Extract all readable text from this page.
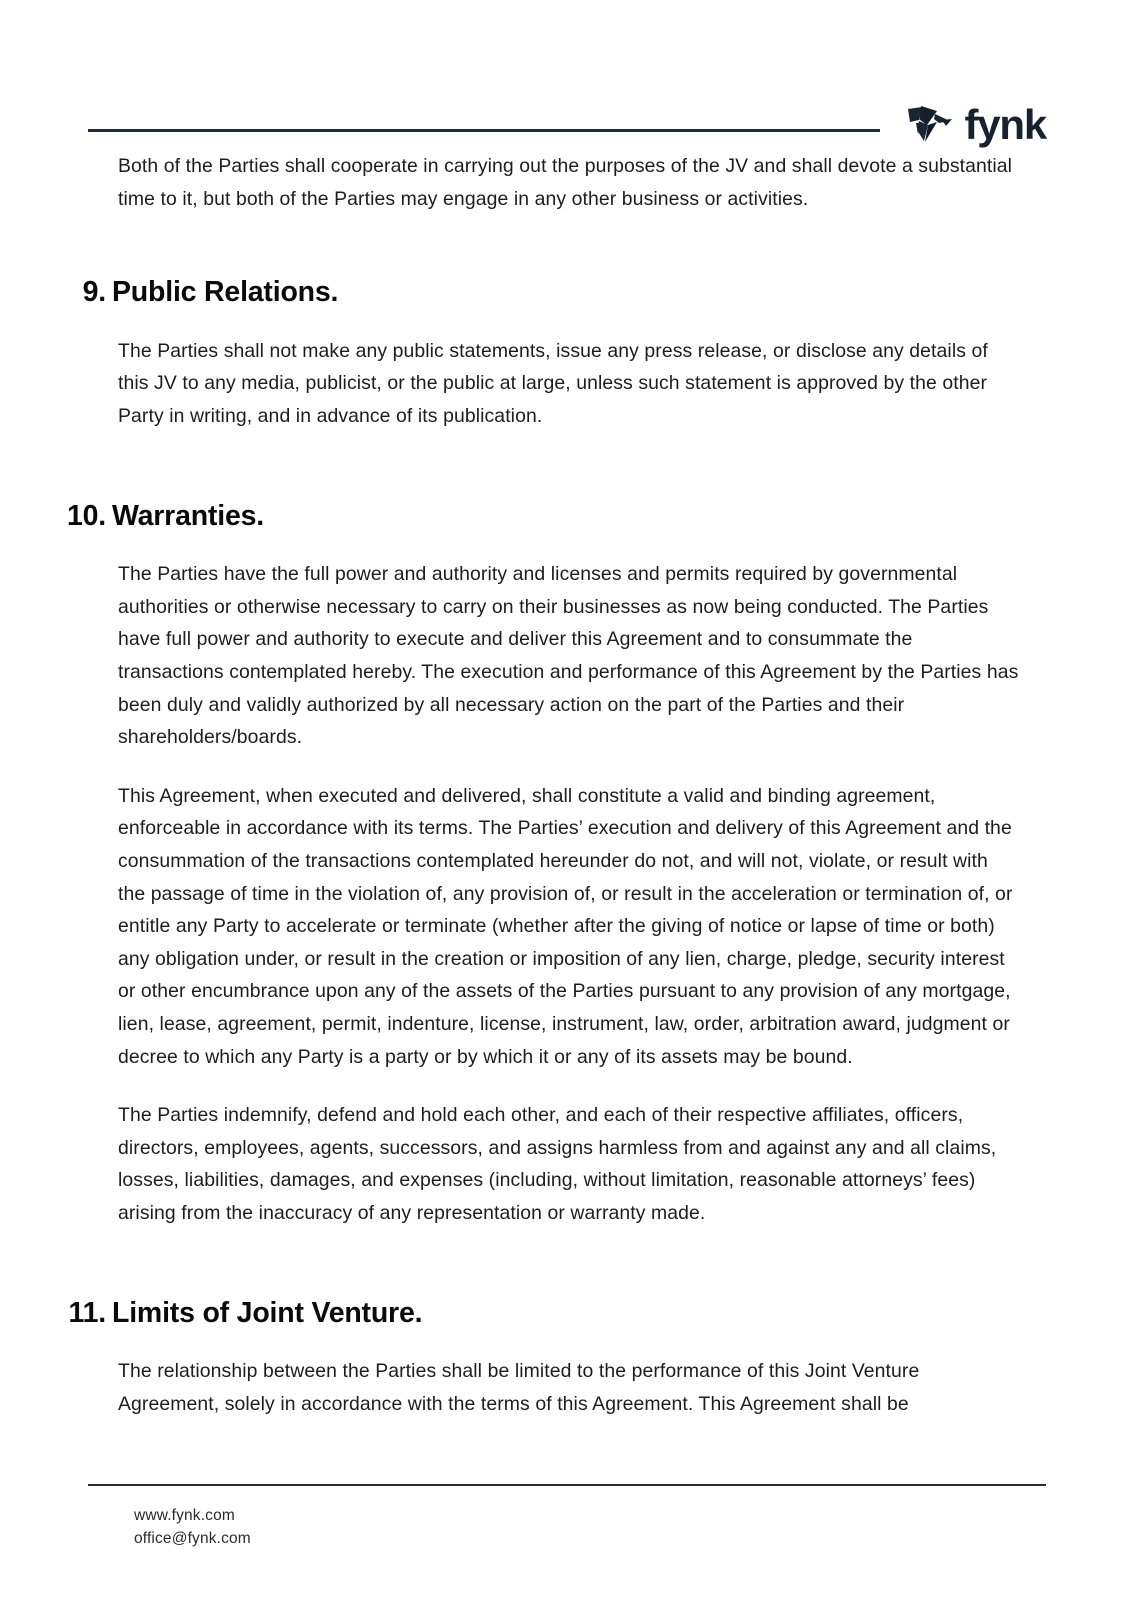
fynk

Both of the Parties shall cooperate in carrying out the purposes of the JV and shall devote a substantial time to it, but both of the Parties may engage in any other business or activities.

9. Public Relations.

The Parties shall not make any public statements, issue any press release, or disclose any details of this JV to any media, publicist, or the public at large, unless such statement is approved by the other Party in writing, and in advance of its publication.

10. Warranties.

The Parties have the full power and authority and licenses and permits required by governmental authorities or otherwise necessary to carry on their businesses as now being conducted. The Parties have full power and authority to execute and deliver this Agreement and to consummate the transactions contemplated hereby. The execution and performance of this Agreement by the Parties has been duly and validly authorized by all necessary action on the part of the Parties and their shareholders/boards.

This Agreement, when executed and delivered, shall constitute a valid and binding agreement, enforceable in accordance with its terms. The Parties’ execution and delivery of this Agreement and the consummation of the transactions contemplated hereunder do not, and will not, violate, or result with the passage of time in the violation of, any provision of, or result in the acceleration or termination of, or entitle any Party to accelerate or terminate (whether after the giving of notice or lapse of time or both) any obligation under, or result in the creation or imposition of any lien, charge, pledge, security interest or other encumbrance upon any of the assets of the Parties pursuant to any provision of any mortgage, lien, lease, agreement, permit, indenture, license, instrument, law, order, arbitration award, judgment or decree to which any Party is a party or by which it or any of its assets may be bound.

The Parties indemnify, defend and hold each other, and each of their respective affiliates, officers, directors, employees, agents, successors, and assigns harmless from and against any and all claims, losses, liabilities, damages, and expenses (including, without limitation, reasonable attorneys’ fees) arising from the inaccuracy of any representation or warranty made.

11. Limits of Joint Venture.

The relationship between the Parties shall be limited to the performance of this Joint Venture Agreement, solely in accordance with the terms of this Agreement. This Agreement shall be

www.fynk.com
office@fynk.com
